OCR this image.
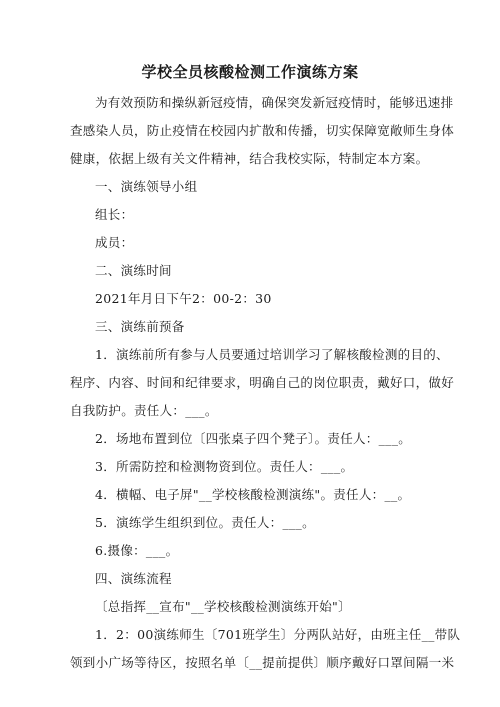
学校全员核酸检测工作演练方案
为有效预防和操纵新冠疫情，确保突发新冠疫情时，能够迅速排
查感染人员，防止疫情在校园内扩散和传播，切实保障宽敞师生身体
健康，依据上级有关文件精神，结合我校实际，特制定本方案。
一、演练领导小组
组长：
成员：
二、演练时间
2021年月日下午2：00-2：30
三、演练前预备
1．演练前所有参与人员要通过培训学习了解核酸检测的目的、
程序、内容、时间和纪律要求，明确自己的岗位职责，戴好口，做好
自我防护。责任人：___。
2．场地布置到位〔四张桌子四个凳子〕。责任人：___。
3．所需防控和检测物资到位。责任人：___。
4．横幅、电子屏"__学校核酸检测演练"。责任人：__。
5．演练学生组织到位。责任人：___。
6.摄像：___。
四、演练流程
〔总指挥__宣布"__学校核酸检测演练开始"〕
1．2：00演练师生〔701班学生〕分两队站好，由班主任__带队
领到小广场等待区，按照名单〔__提前提供〕顺序戴好口罩间隔一米
